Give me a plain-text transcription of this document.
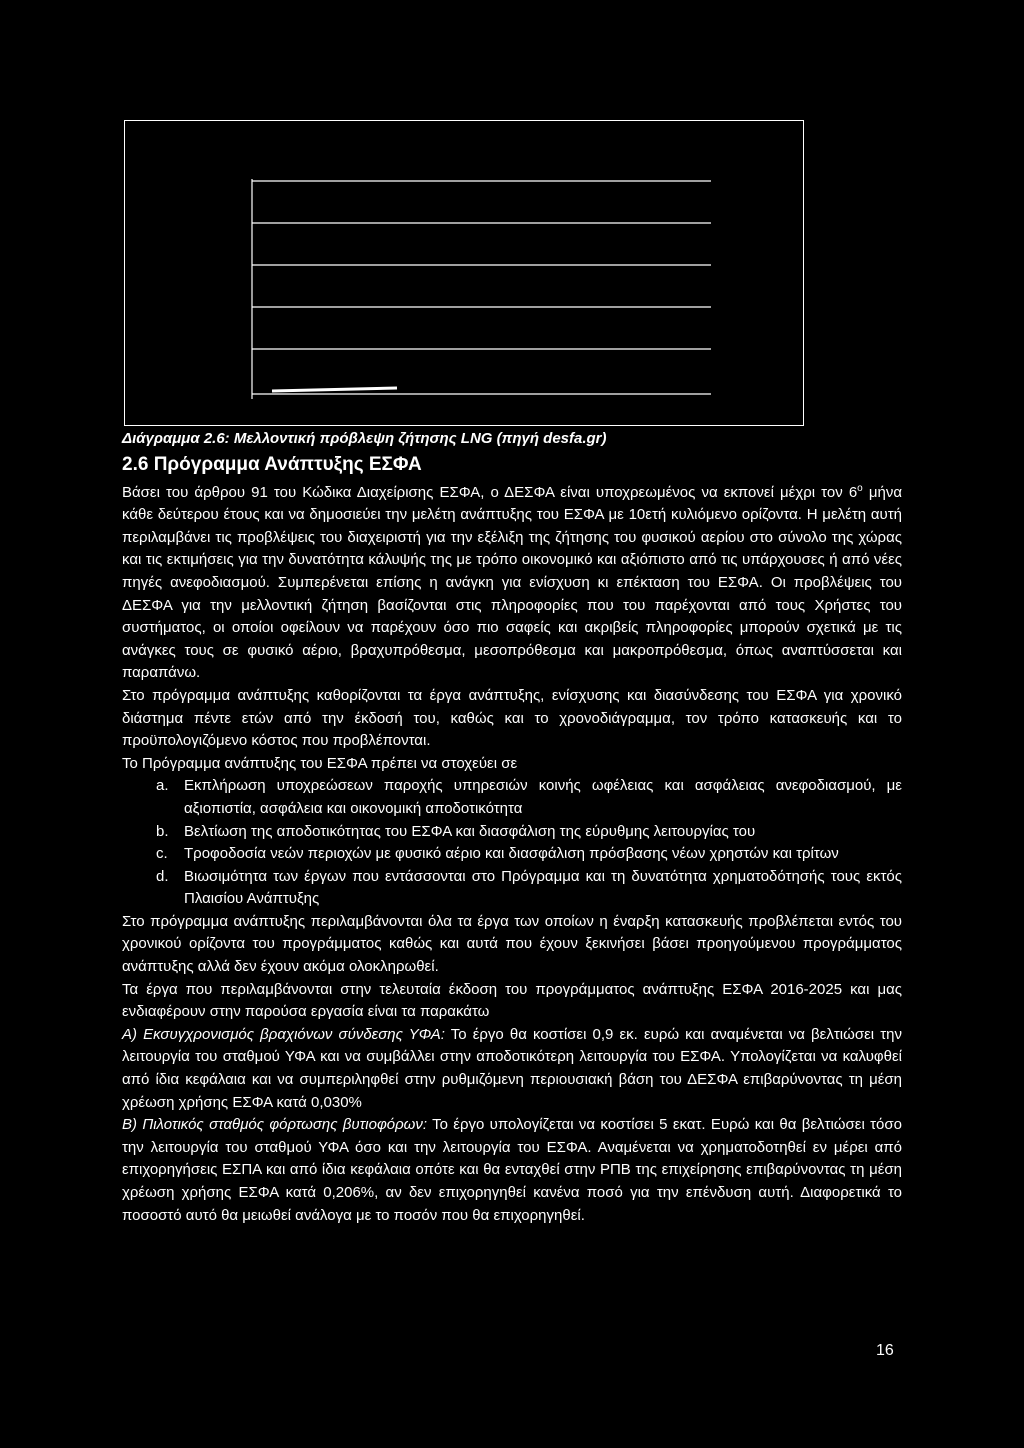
Διάγραμμα 2.6: Μελλοντική πρόβλεψη ζήτησης LNG (πηγή desfa.gr)

2.6 Πρόγραμμα Ανάπτυξης ΕΣΦΑ

Βάσει του άρθρου 91 του Κώδικα Διαχείρισης ΕΣΦΑ, ο ΔΕΣΦΑ είναι υποχρεωμένος να εκπονεί μέχρι τον $6^o$ μήνα κάθε δεύτερου έτους και να δημοσιεύει την μελέτη ανάπτυξης του ΕΣΦΑ με 10ετή κυλιόμενο ορίζοντα. Η μελέτη αυτή περιλαμβάνει τις προβλέψεις του διαχειριστή για την εξέλιξη της ζήτησης του φυσικού αερίου στο σύνολο της χώρας και τις εκτιμήσεις για την δυνατότητα κάλυψής της με τρόπο οικονομικό και αξιόπιστο από τις υπάρχουσες ή από νέες πηγές ανεφοδιασμού. Συμπερένεται επίσης η ανάγκη για ενίσχυση κι επέκταση του ΕΣΦΑ. Οι προβλέψεις του ΔΕΣΦΑ για την μελλοντική ζήτηση βασίζονται στις πληροφορίες που του παρέχονται από τους Χρήστες του συστήματος, οι οποίοι οφείλουν να παρέχουν όσο πιο σαφείς και ακριβείς πληροφορίες μπορούν σχετικά με τις ανάγκες τους σε φυσικό αέριο, βραχυπρόθεσμα, μεσοπρόθεσμα και μακροπρόθεσμα, όπως αναπτύσσεται και παραπάνω.

Στο πρόγραμμα ανάπτυξης καθορίζονται τα έργα ανάπτυξης, ενίσχυσης και διασύνδεσης του ΕΣΦΑ για χρονικό διάστημα πέντε ετών από την έκδοσή του, καθώς και το χρονοδιάγραμμα, τον τρόπο κατασκευής και το προϋπολογιζόμενο κόστος που προβλέπονται.

Το Πρόγραμμα ανάπτυξης του ΕΣΦΑ πρέπει να στοχεύει σε

a. Εκπλήρωση υποχρεώσεων παροχής υπηρεσιών κοινής ωφέλειας και ασφάλειας ανεφοδιασμού, με αξιοπιστία, ασφάλεια και οικονομική αποδοτικότητα
b. Βελτίωση της αποδοτικότητας του ΕΣΦΑ και διασφάλιση της εύρυθμης λειτουργίας του
c. Τροφοδοσία νεών περιοχών με φυσικό αέριο και διασφάλιση πρόσβασης νέων χρηστών και τρίτων
d. Βιωσιμότητα των έργων που εντάσσονται στο Πρόγραμμα και τη δυνατότητα χρηματοδότησής τους εκτός Πλαισίου Ανάπτυξης

Στο πρόγραμμα ανάπτυξης περιλαμβάνονται όλα τα έργα των οποίων η έναρξη κατασκευής προβλέπεται εντός του χρονικού ορίζοντα του προγράμματος καθώς και αυτά που έχουν ξεκινήσει βάσει προηγούμενου προγράμματος ανάπτυξης αλλά δεν έχουν ακόμα ολοκληρωθεί.

Τα έργα που περιλαμβάνονται στην τελευταία έκδοση του προγράμματος ανάπτυξης ΕΣΦΑ 2016-2025 και μας ενδιαφέρουν στην παρούσα εργασία είναι τα παρακάτω

Α) Εκσυγχρονισμός βραχιόνων σύνδεσης ΥΦΑ: Το έργο θα κοστίσει 0,9 εκ. ευρώ και αναμένεται να βελτιώσει την λειτουργία του σταθμού ΥΦΑ και να συμβάλλει στην αποδοτικότερη λειτουργία του ΕΣΦΑ. Υπολογίζεται να καλυφθεί από ίδια κεφάλαια και να συμπεριληφθεί στην ρυθμιζόμενη περιουσιακή βάση του ΔΕΣΦΑ επιβαρύνοντας τη μέση χρέωση χρήσης ΕΣΦΑ κατά 0,030%

Β) Πιλοτικός σταθμός φόρτωσης βυτιοφόρων: Το έργο υπολογίζεται να κοστίσει 5 εκατ. Ευρώ και θα βελτιώσει τόσο την λειτουργία του σταθμού ΥΦΑ όσο και την λειτουργία του ΕΣΦΑ. Αναμένεται να χρηματοδοτηθεί εν μέρει από επιχορηγήσεις ΕΣΠΑ και από ίδια κεφάλαια οπότε και θα ενταχθεί στην ΡΠΒ της επιχείρησης επιβαρύνοντας τη μέση χρέωση χρήσης ΕΣΦΑ κατά 0,206%, αν δεν επιχορηγηθεί κανένα ποσό για την επένδυση αυτή. Διαφορετικά το ποσοστό αυτό θα μειωθεί ανάλογα με το ποσόν που θα επιχορηγηθεί.

16
